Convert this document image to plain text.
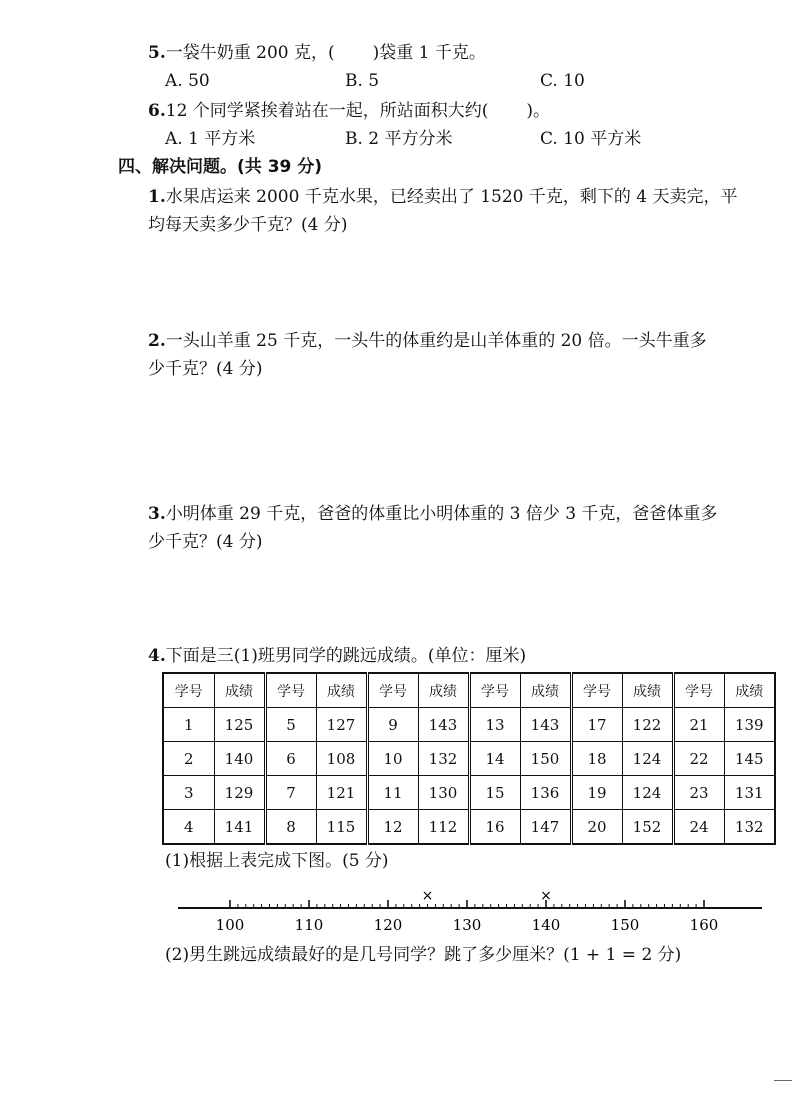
5.一袋牛奶重 200 克，( )袋重 1 千克。
A. 50	B. 5	C. 10
6.12 个同学紧挨着站在一起，所站面积大约( )。
A. 1 平方米	B. 2 平方分米	C. 10 平方米
四、解决问题。(共 39 分)
1.水果店运来 2000 千克水果，已经卖出了 1520 千克，剩下的 4 天卖完，平
均每天卖多少千克？(4 分)
2.一头山羊重 25 千克，一头牛的体重约是山羊体重的 20 倍。一头牛重多
少千克？(4 分)
3.小明体重 29 千克，爸爸的体重比小明体重的 3 倍少 3 千克，爸爸体重多
少千克？(4 分)
4.下面是三(1)班男同学的跳远成绩。(单位：厘米)
学号	成绩	学号	成绩	学号	成绩	学号	成绩	学号	成绩	学号	成绩
1	125	5	127	9	143	13	143	17	122	21	139
2	140	6	108	10	132	14	150	18	124	22	145
3	129	7	121	11	130	15	136	19	124	23	131
4	141	8	115	12	112	16	147	20	152	24	132
(1)根据上表完成下图。(5 分)
100	110	120	130	140	150	160
×	×
(2)男生跳远成绩最好的是几号同学？跳了多少厘米？(1 + 1 = 2 分)
